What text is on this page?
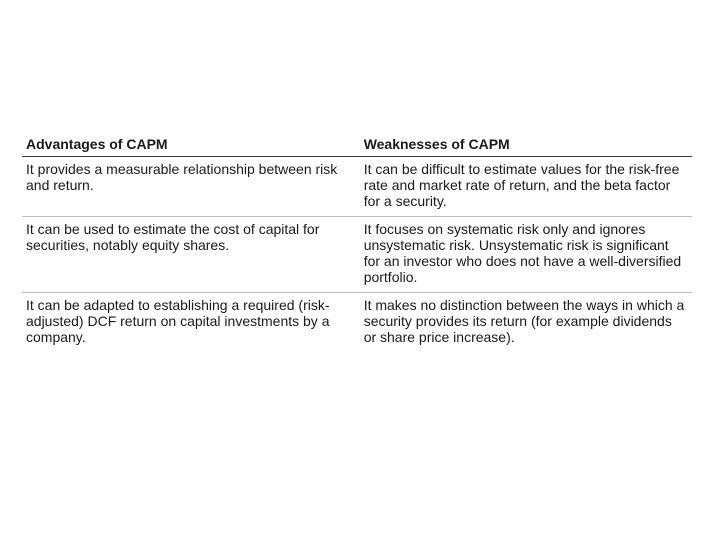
Advantages of CAPM	Weaknesses of CAPM
It provides a measurable relationship between risk and return.	It can be difficult to estimate values for the risk-free rate and market rate of return, and the beta factor for a security.
It can be used to estimate the cost of capital for securities, notably equity shares.	It focuses on systematic risk only and ignores unsystematic risk. Unsystematic risk is significant for an investor who does not have a well-diversified portfolio.
It can be adapted to establishing a required (risk-adjusted) DCF return on capital investments by a company.	It makes no distinction between the ways in which a security provides its return (for example dividends or share price increase).
